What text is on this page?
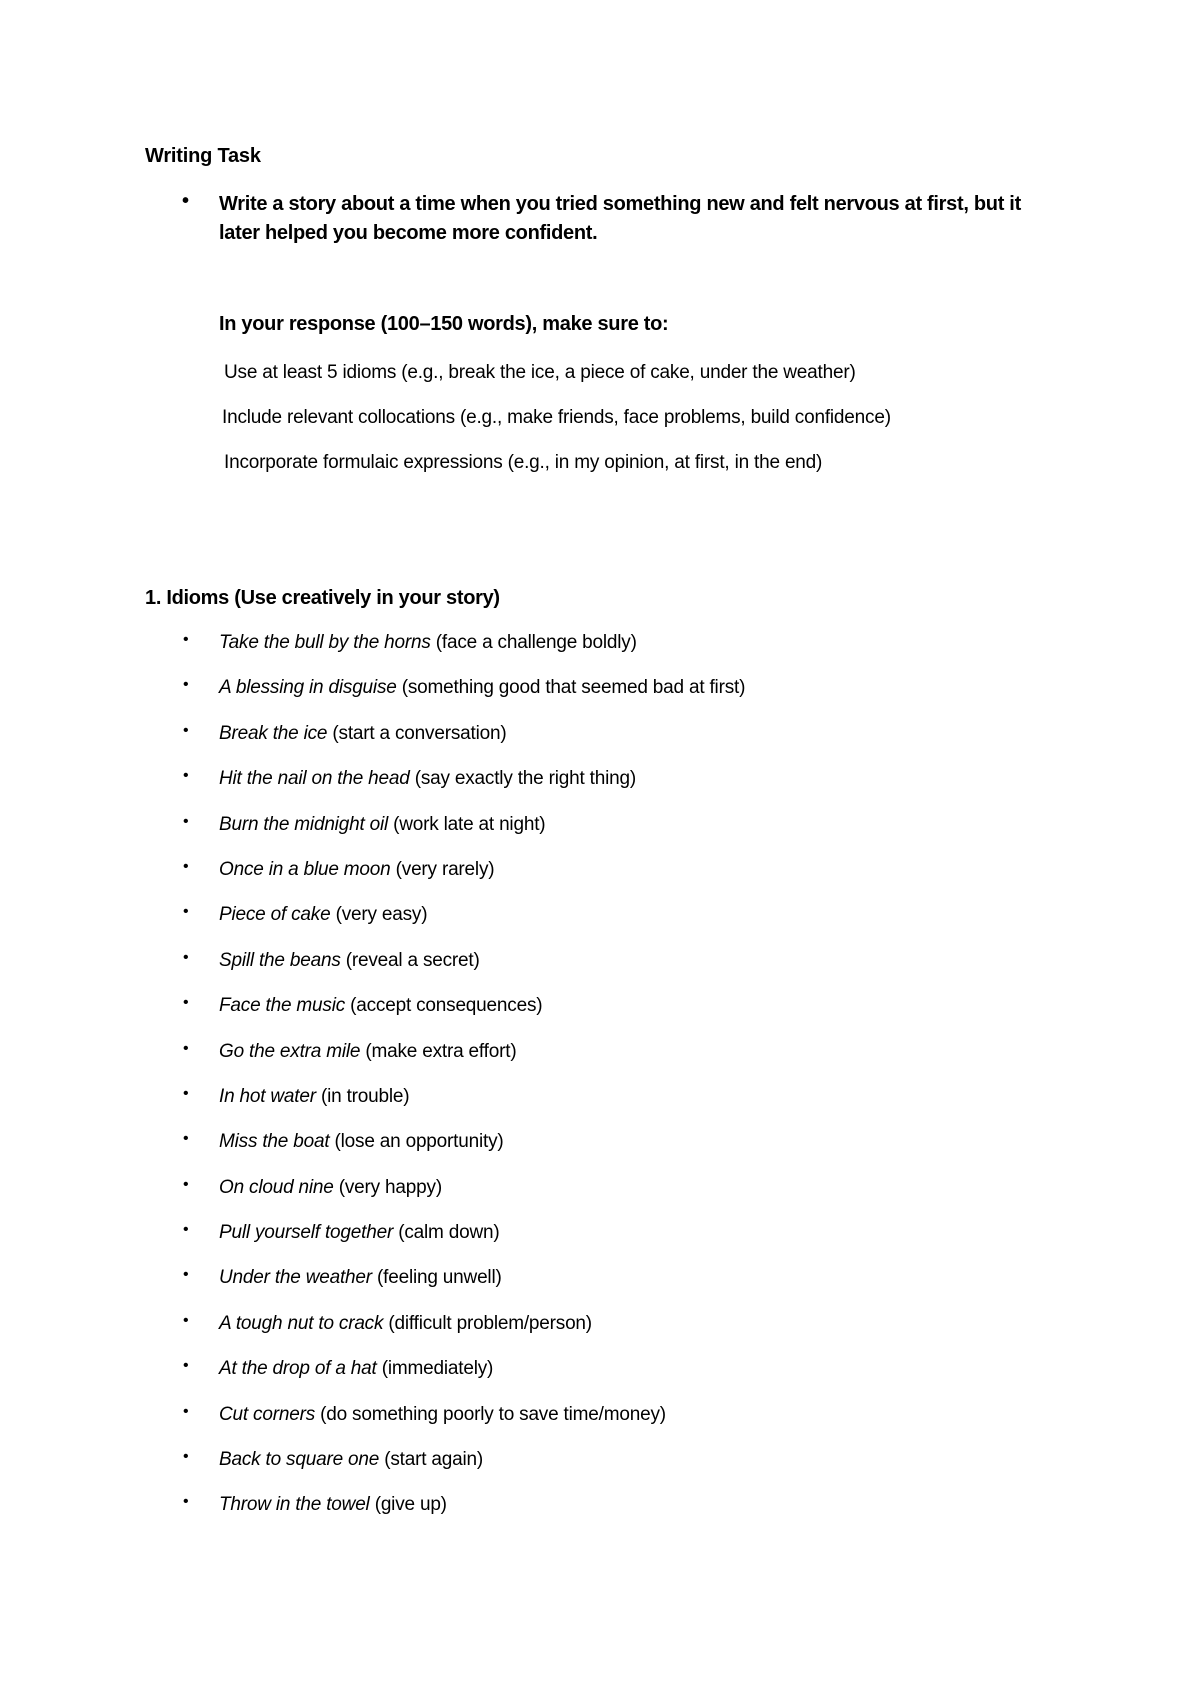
Writing Task
• Write a story about a time when you tried something new and felt nervous at first, but it later helped you become more confident.
In your response (100–150 words), make sure to:
Use at least 5 idioms (e.g., break the ice, a piece of cake, under the weather)
Include relevant collocations (e.g., make friends, face problems, build confidence)
Incorporate formulaic expressions (e.g., in my opinion, at first, in the end)
1. Idioms (Use creatively in your story)
• Take the bull by the horns (face a challenge boldly)
• A blessing in disguise (something good that seemed bad at first)
• Break the ice (start a conversation)
• Hit the nail on the head (say exactly the right thing)
• Burn the midnight oil (work late at night)
• Once in a blue moon (very rarely)
• Piece of cake (very easy)
• Spill the beans (reveal a secret)
• Face the music (accept consequences)
• Go the extra mile (make extra effort)
• In hot water (in trouble)
• Miss the boat (lose an opportunity)
• On cloud nine (very happy)
• Pull yourself together (calm down)
• Under the weather (feeling unwell)
• A tough nut to crack (difficult problem/person)
• At the drop of a hat (immediately)
• Cut corners (do something poorly to save time/money)
• Back to square one (start again)
• Throw in the towel (give up)
